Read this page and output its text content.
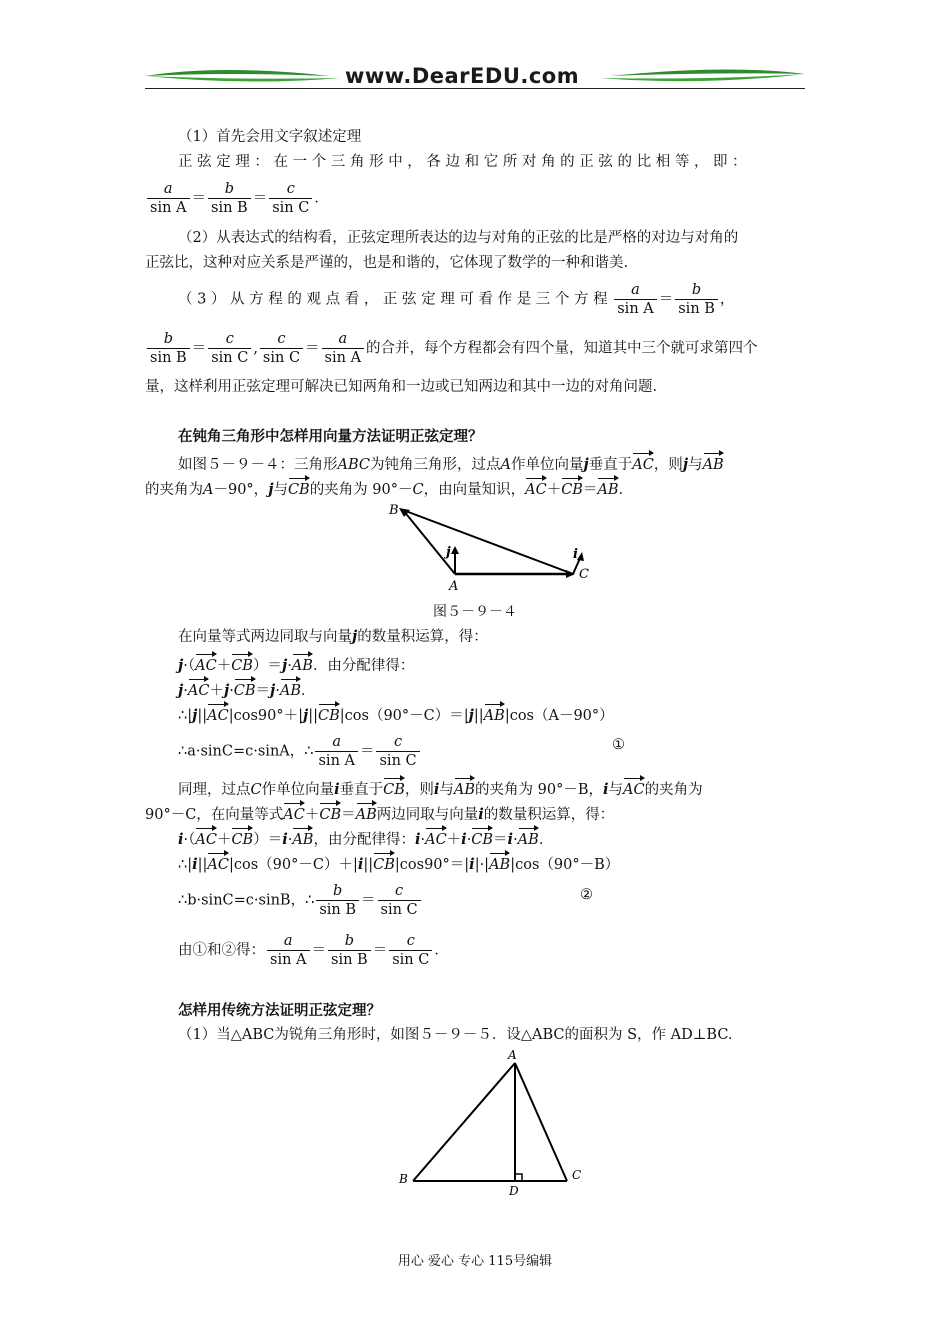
www.DearEDU.com
（1）首先会用文字叙述定理
正 弦 定 理 ： 在 一 个 三 角 形 中 ， 各 边 和 它 所 对 角 的 正 弦 的 比 相 等 ， 即 ：
$\frac{a}{\text{sin A}} = \frac{b}{\text{sin B}} = \frac{c}{\text{sin C}}$ ．
（2）从表达式的结构看，正弦定理所表达的边与对角的正弦的比是严格的对边与对角的
正弦比，这种对应关系是严谨的，也是和谐的，它体现了数学的一种和谐美.
（ 3 ） 从 方 程 的 观 点 看 ， 正 弦 定 理 可 看 作 是 三 个 方 程 $\frac{a}{\text{sin A}} = \frac{b}{\text{sin B}}$ ，
$\frac{b}{\text{sin B}} = \frac{c}{\text{sin C}}$ , $\frac{c}{\text{sin C}} = \frac{a}{\text{sin A}}$ 的合并，每个方程都会有四个量，知道其中三个就可求第四个
量，这样利用正弦定理可解决已知两角和一边或已知两边和其中一边的对角问题.
在钝角三角形中怎样用向量方法证明正弦定理？
如图５－９－４：三角形ABC为钝角三角形，过点A作单位向量j垂直于AC，则j与AB
的夹角为A－90°，j与CB的夹角为 90°－C，由向量知识，AC＋CB＝AB．
B
A
C
j	i
图５－９－４
在向量等式两边同取与向量j的数量积运算，得：
j·（AC＋CB）＝j·AB．由分配律得：
j·AC＋j·CB＝j·AB．
∴|j||AC|cos90°＋|j||CB|cos（90°－C）＝|j||AB|cos（A－90°）
∴a·sinC=c·sinA，∴ $\frac{a}{\text{sin A}} = \frac{c}{\text{sin C}}$	①
同理，过点C作单位向量i垂直于CB，则i与AB的夹角为 90°－B，i与AC的夹角为
90°－C，在向量等式AC＋CB＝AB两边同取与向量i的数量积运算，得：
i·（AC＋CB）＝i·AB，由分配律得：i·AC＋i·CB＝i·AB．
∴|i||AC|cos（90°－C）＋|i||CB|cos90°＝|i|·|AB|cos（90°－B）
∴b·sinC=c·sinB，∴ $\frac{b}{\text{sin B}} = \frac{c}{\text{sin C}}$	②
由①和②得： $\frac{a}{\text{sin A}} = \frac{b}{\text{sin B}} = \frac{c}{\text{sin C}}$ ．
怎样用传统方法证明正弦定理？
（1）当△ABC为锐角三角形时，如图５－９－５．设△ABC的面积为 S，作 AD⊥BC.
A
B	C
D
用心 爱心 专心 115号编辑
